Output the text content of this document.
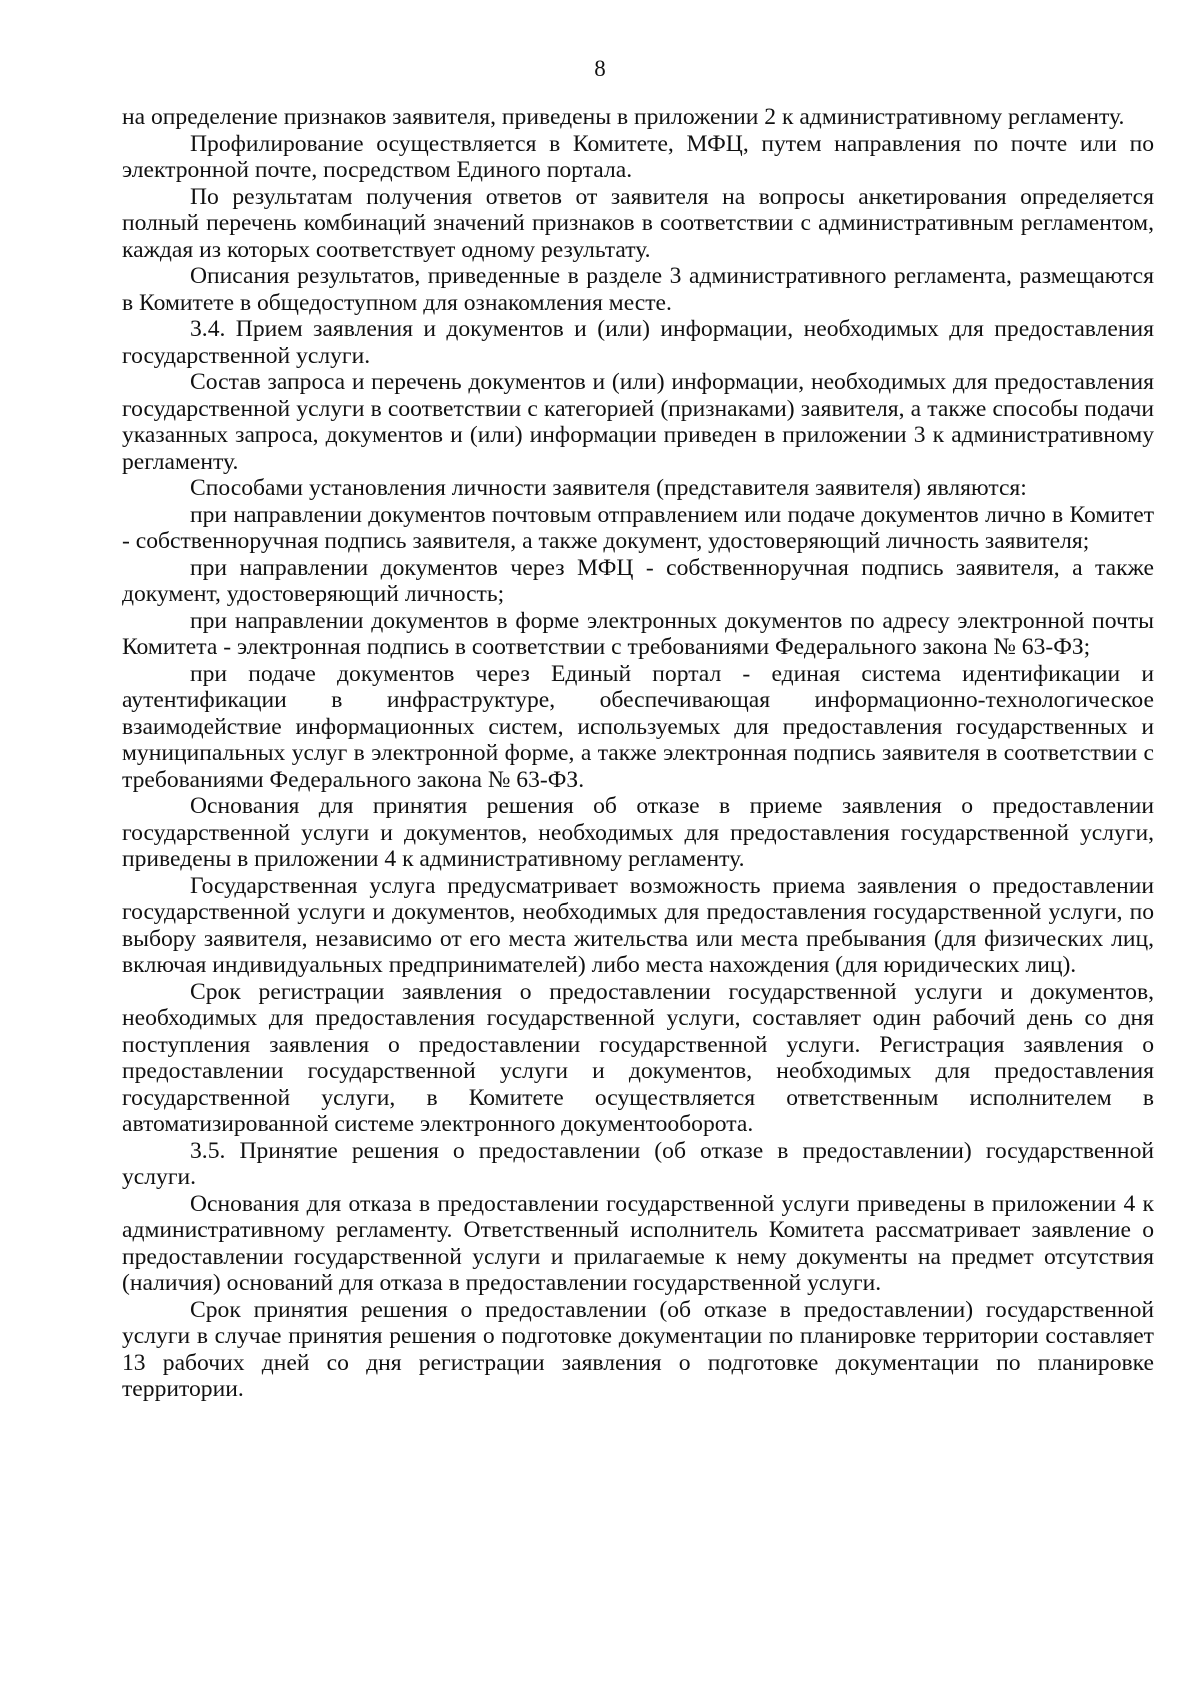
8

на определение признаков заявителя, приведены в приложении 2 к административному регламенту.

Профилирование осуществляется в Комитете, МФЦ, путем направления по почте или по электронной почте, посредством Единого портала.

По результатам получения ответов от заявителя на вопросы анкетирования определяется полный перечень комбинаций значений признаков в соответствии с административным регламентом, каждая из которых соответствует одному результату.

Описания результатов, приведенные в разделе 3 административного регламента, размещаются в Комитете в общедоступном для ознакомления месте.

3.4. Прием заявления и документов и (или) информации, необходимых для предоставления государственной услуги.

Состав запроса и перечень документов и (или) информации, необходимых для предоставления государственной услуги в соответствии с категорией (признаками) заявителя, а также способы подачи указанных запроса, документов и (или) информации приведен в приложении 3 к административному регламенту.

Способами установления личности заявителя (представителя заявителя) являются:

при направлении документов почтовым отправлением или подаче документов лично в Комитет - собственноручная подпись заявителя, а также документ, удостоверяющий личность заявителя;

при направлении документов через МФЦ - собственноручная подпись заявителя, а также документ, удостоверяющий личность;

при направлении документов в форме электронных документов по адресу электронной почты Комитета - электронная подпись в соответствии с требованиями Федерального закона № 63-ФЗ;

при подаче документов через Единый портал - единая система идентификации и аутентификации в инфраструктуре, обеспечивающая информационно-технологическое взаимодействие информационных систем, используемых для предоставления государственных и муниципальных услуг в электронной форме, а также электронная подпись заявителя в соответствии с требованиями Федерального закона № 63-ФЗ.

Основания для принятия решения об отказе в приеме заявления о предоставлении государственной услуги и документов, необходимых для предоставления государственной услуги, приведены в приложении 4 к административному регламенту.

Государственная услуга предусматривает возможность приема заявления о предоставлении государственной услуги и документов, необходимых для предоставления государственной услуги, по выбору заявителя, независимо от его места жительства или места пребывания (для физических лиц, включая индивидуальных предпринимателей) либо места нахождения (для юридических лиц).

Срок регистрации заявления о предоставлении государственной услуги и документов, необходимых для предоставления государственной услуги, составляет один рабочий день со дня поступления заявления о предоставлении государственной услуги. Регистрация заявления о предоставлении государственной услуги и документов, необходимых для предоставления государственной услуги, в Комитете осуществляется ответственным исполнителем в автоматизированной системе электронного документооборота.

3.5. Принятие решения о предоставлении (об отказе в предоставлении) государственной услуги.

Основания для отказа в предоставлении государственной услуги приведены в приложении 4 к административному регламенту. Ответственный исполнитель Комитета рассматривает заявление о предоставлении государственной услуги и прилагаемые к нему документы на предмет отсутствия (наличия) оснований для отказа в предоставлении государственной услуги.

Срок принятия решения о предоставлении (об отказе в предоставлении) государственной услуги в случае принятия решения о подготовке документации по планировке территории составляет 13 рабочих дней со дня регистрации заявления о подготовке документации по планировке территории.
